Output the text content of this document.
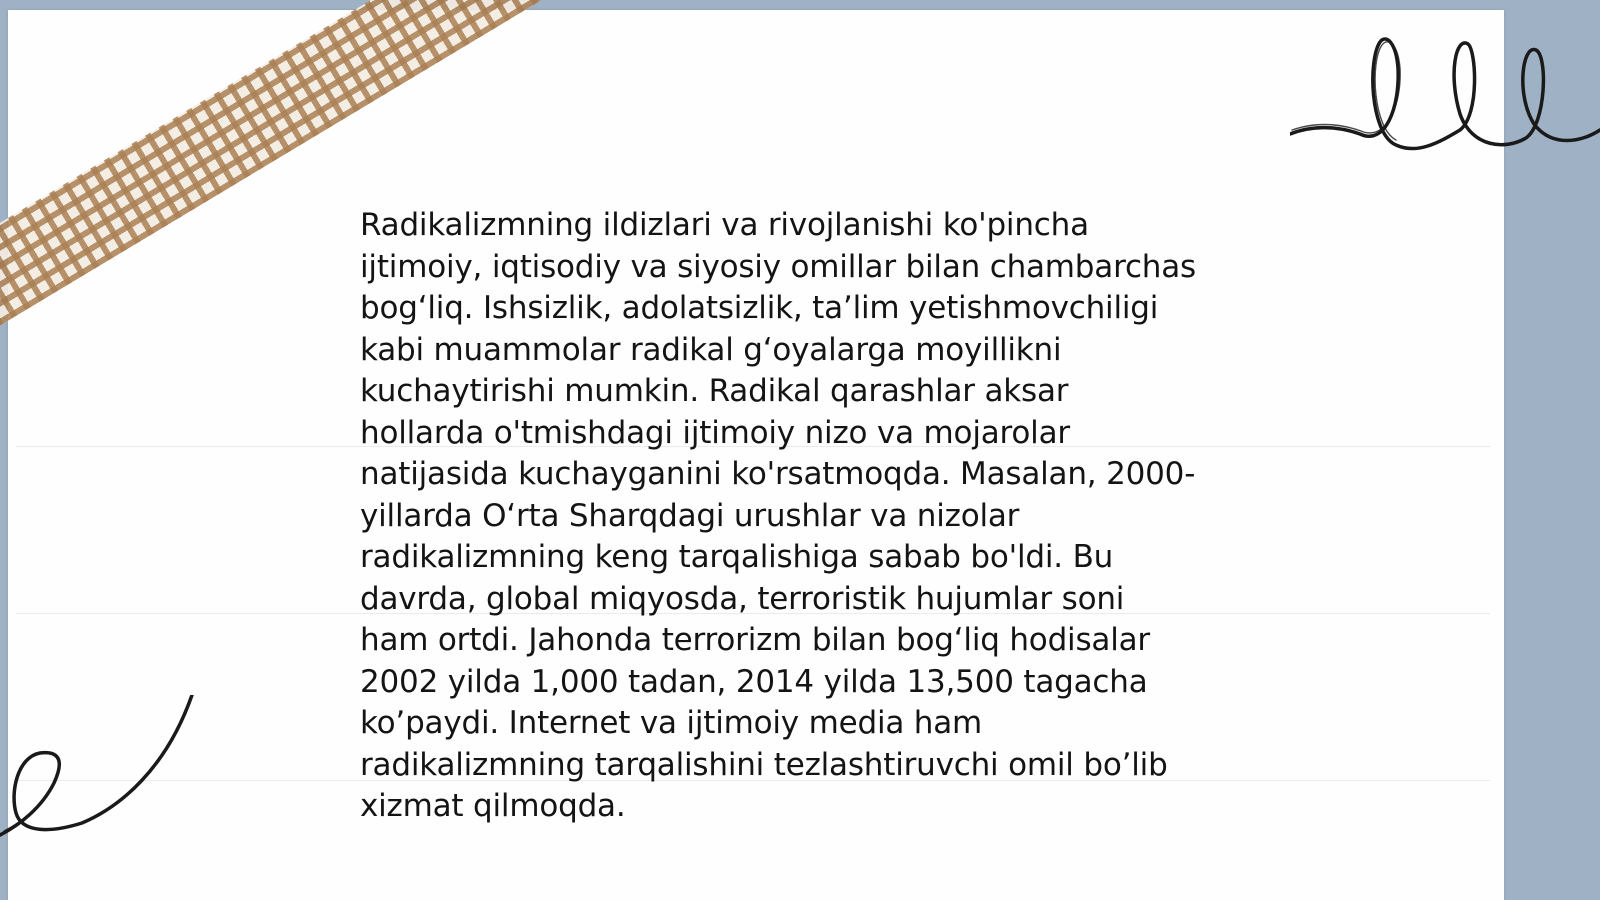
Radikalizmning ildizlari va rivojlanishi ko'pincha
ijtimoiy, iqtisodiy va siyosiy omillar bilan chambarchas
bog‘liq. Ishsizlik, adolatsizlik, ta’lim yetishmovchiligi
kabi muammolar radikal g‘oyalarga moyillikni
kuchaytirishi mumkin. Radikal qarashlar aksar
hollarda o'tmishdagi ijtimoiy nizo va mojarolar
natijasida kuchayganini ko'rsatmoqda. Masalan, 2000-
yillarda O‘rta Sharqdagi urushlar va nizolar
radikalizmning keng tarqalishiga sabab bo'ldi. Bu
davrda, global miqyosda, terroristik hujumlar soni
ham ortdi. Jahonda terrorizm bilan bog‘liq hodisalar
2002 yilda 1,000 tadan, 2014 yilda 13,500 tagacha
ko’paydi. Internet va ijtimoiy media ham
radikalizmning tarqalishini tezlashtiruvchi omil bo’lib
xizmat qilmoqda.
